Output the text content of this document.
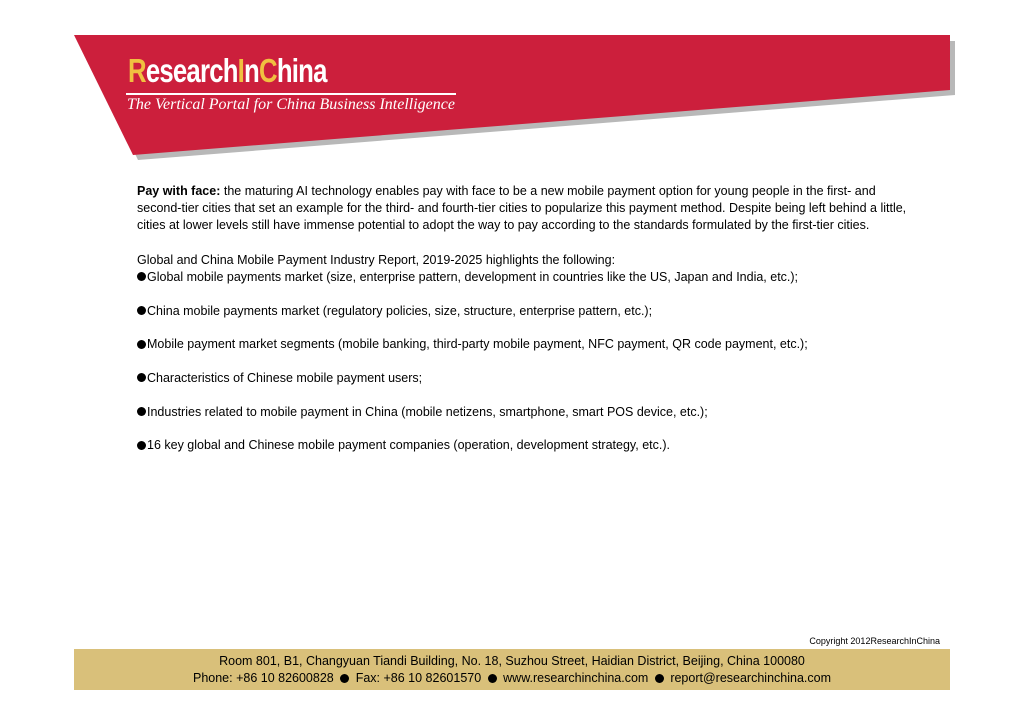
ResearchInChina
The Vertical Portal for China Business Intelligence

Pay with face: the maturing AI technology enables pay with face to be a new mobile payment option for young people in the first- and second-tier cities that set an example for the third- and fourth-tier cities to popularize this payment method. Despite being left behind a little, cities at lower levels still have immense potential to adopt the way to pay according to the standards formulated by the first-tier cities.

Global and China Mobile Payment Industry Report, 2019-2025 highlights the following:

Global mobile payments market (size, enterprise pattern, development in countries like the US, Japan and India, etc.);
China mobile payments market (regulatory policies, size, structure, enterprise pattern, etc.);
Mobile payment market segments (mobile banking, third-party mobile payment, NFC payment, QR code payment, etc.);
Characteristics of Chinese mobile payment users;
Industries related to mobile payment in China (mobile netizens, smartphone, smart POS device, etc.);
16 key global and Chinese mobile payment companies (operation, development strategy, etc.).
Copyright 2012ResearchInChina
Room 801, B1, Changyuan Tiandi Building, No. 18, Suzhou Street, Haidian District, Beijing, China 100080
Phone: +86 10 82600828 Fax: +86 10 82601570 www.researchinchina.com report@researchinchina.com
